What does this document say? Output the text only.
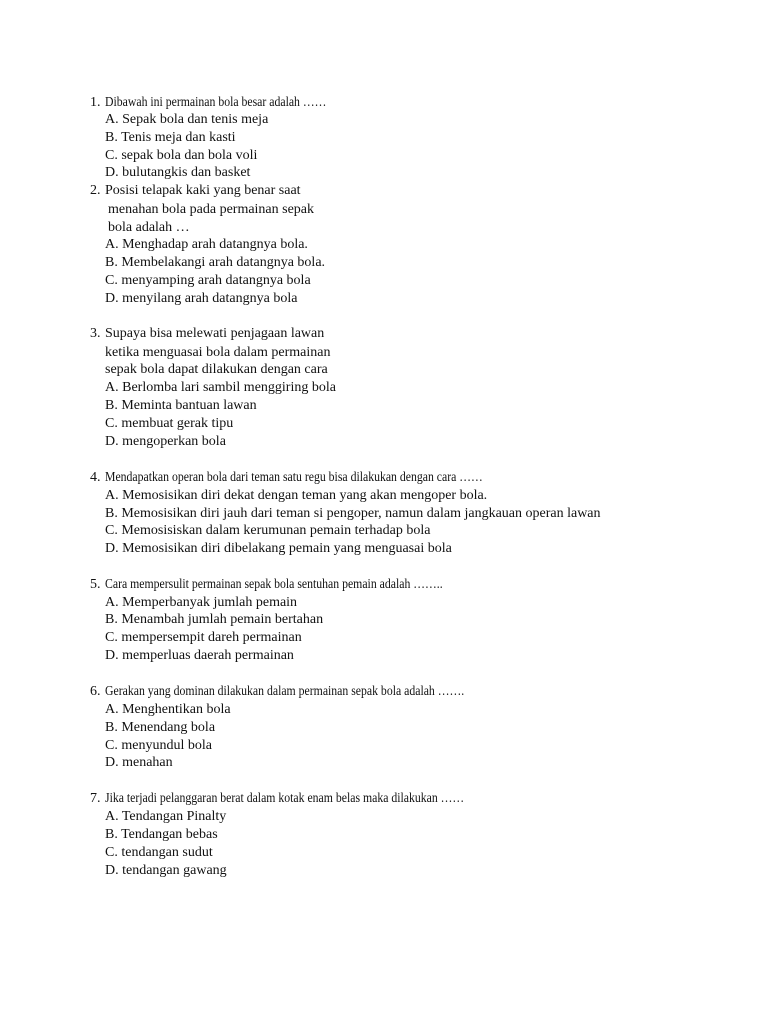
1. Dibawah ini permainan bola besar adalah ……
A. Sepak bola dan tenis meja
B. Tenis meja dan kasti
C. sepak bola dan bola voli
D. bulutangkis dan basket
2. Posisi telapak kaki yang benar saat
menahan bola pada permainan sepak
bola adalah …
A. Menghadap arah datangnya bola.
B. Membelakangi arah datangnya bola.
C. menyamping arah datangnya bola
D. menyilang arah datangnya bola
3. Supaya bisa melewati penjagaan lawan
ketika menguasai bola dalam permainan
sepak bola dapat dilakukan dengan cara
A. Berlomba lari sambil menggiring bola
B. Meminta bantuan lawan
C. membuat gerak tipu
D. mengoperkan bola
4. Mendapatkan operan bola dari teman satu regu bisa dilakukan dengan cara ……
A. Memosisikan diri dekat dengan teman yang akan mengoper bola.
B. Memosisikan diri jauh dari teman si pengoper, namun dalam jangkauan operan lawan
C. Memosisiskan dalam kerumunan pemain terhadap bola
D. Memosisikan diri dibelakang pemain yang menguasai bola
5. Cara mempersulit permainan sepak bola sentuhan pemain adalah ……..
A. Memperbanyak jumlah pemain
B. Menambah jumlah pemain bertahan
C. mempersempit dareh permainan
D. memperluas daerah permainan
6. Gerakan yang dominan dilakukan dalam permainan sepak bola adalah …….
A. Menghentikan bola
B. Menendang bola
C. menyundul bola
D. menahan
7. Jika terjadi pelanggaran berat dalam kotak enam belas maka dilakukan ……
A. Tendangan Pinalty
B. Tendangan bebas
C. tendangan sudut
D. tendangan gawang
